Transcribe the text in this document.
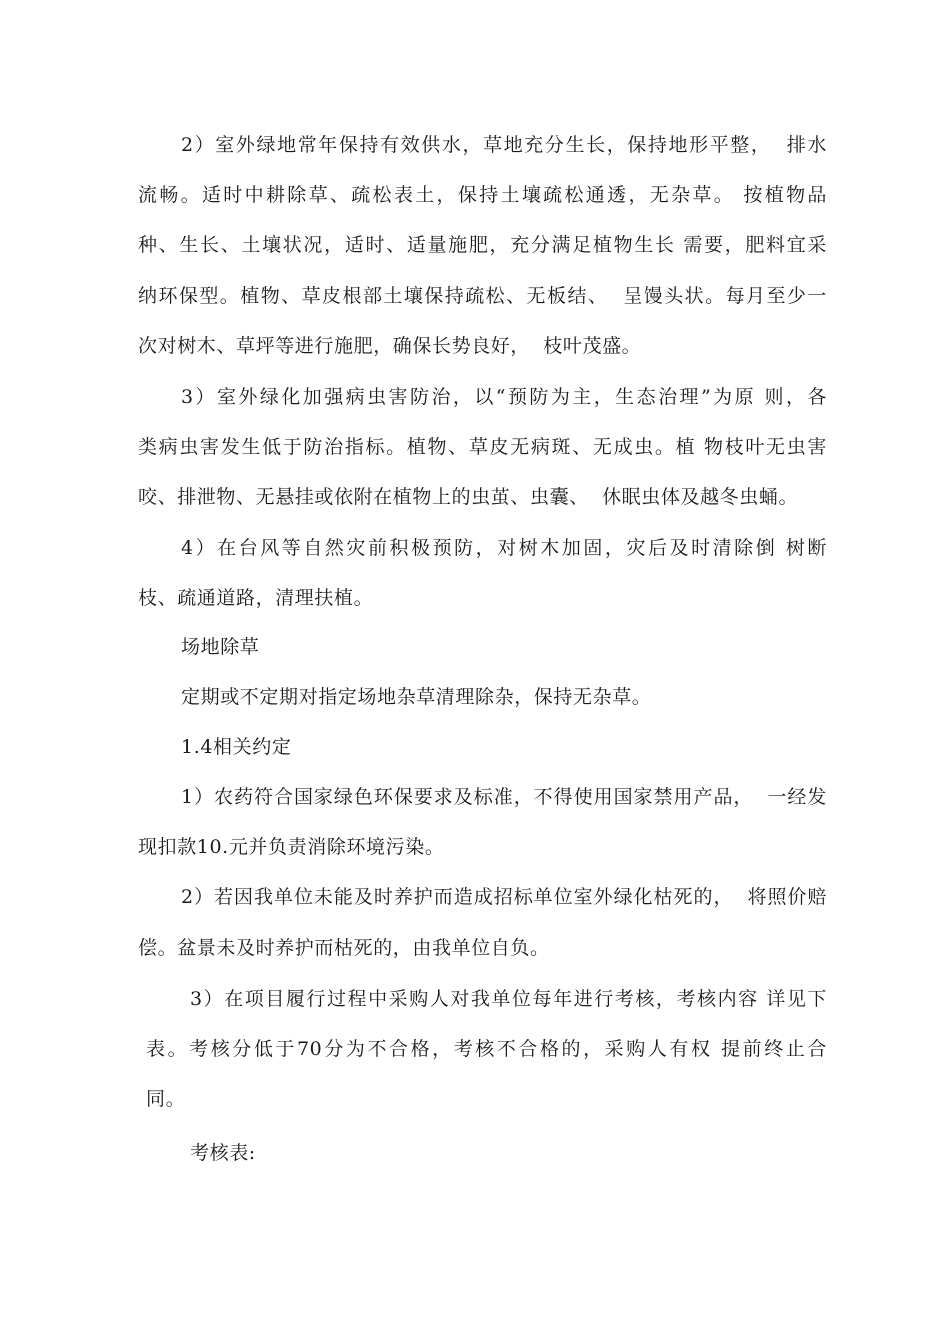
2）室外绿地常年保持有效供水，草地充分生长，保持地形平整，  排水
流畅。适时中耕除草、疏松表土，保持土壤疏松通透，无杂草。 按植物品
种、生长、土壤状况，适时、适量施肥，充分满足植物生长 需要，肥料宜采
纳环保型。植物、草皮根部土壤保持疏松、无板结、  呈馒头状。每月至少一
次对树木、草坪等进行施肥，确保长势良好，  枝叶茂盛。
3）室外绿化加强病虫害防治，以“预防为主，生态治理”为原 则，各
类病虫害发生低于防治指标。植物、草皮无病斑、无成虫。植 物枝叶无虫害
咬、排泄物、无悬挂或依附在植物上的虫茧、虫囊、  休眠虫体及越冬虫蛹。
4）在台风等自然灾前积极预防，对树木加固，灾后及时清除倒 树断
枝、疏通道路，清理扶植。
场地除草
定期或不定期对指定场地杂草清理除杂，保持无杂草。
1.4相关约定
1）农药符合国家绿色环保要求及标准，不得使用国家禁用产品，  一经发
现扣款10.元并负责消除环境污染。
2）若因我单位未能及时养护而造成招标单位室外绿化枯死的，  将照价赔
偿。盆景未及时养护而枯死的，由我单位自负。
3）在项目履行过程中采购人对我单位每年进行考核，考核内容 详见下
表。考核分低于70分为不合格，考核不合格的，采购人有权 提前终止合
同。
考核表:
